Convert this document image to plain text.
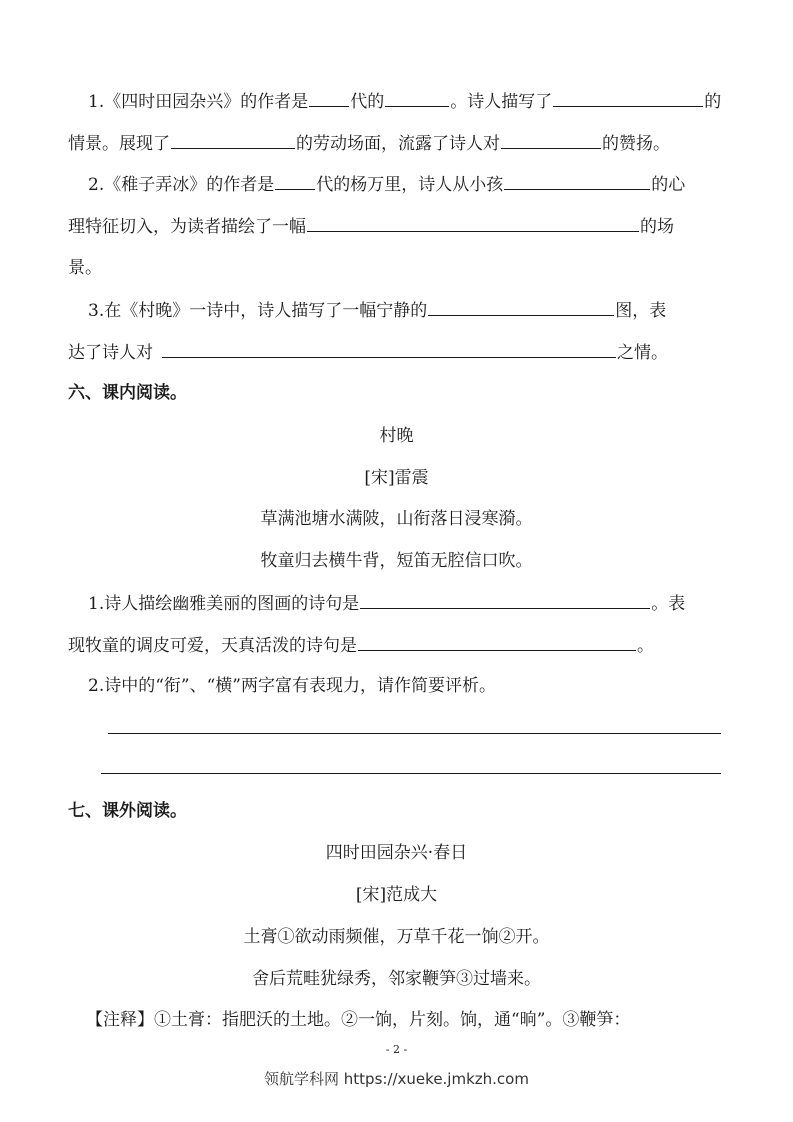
1.《四时田园杂兴》的作者是 代的	。诗人描写了	的
情景。展现了	的劳动场面，流露了诗人对	的赞扬。
2.《稚子弄冰》的作者是 代的杨万里，诗人从小孩	的心
理特征切入，为读者描绘了一幅	的场
景。
3.在《村晚》一诗中，诗人描写了一幅宁静的	图，表
达了诗人对	之情。
六、课内阅读。
村晚
[宋]雷震
草满池塘水满陂，山衔落日浸寒漪。
牧童归去横牛背，短笛无腔信口吹。
1.诗人描绘幽雅美丽的图画的诗句是	。表
现牧童的调皮可爱，天真活泼的诗句是	。
2.诗中的“衔”、“横”两字富有表现力，请作简要评析。
七、课外阅读。
四时田园杂兴·春日
[宋]范成大
土膏①欲动雨频催，万草千花一饷②开。
舍后荒畦犹绿秀，邻家鞭笋③过墙来。
【注释】①土膏：指肥沃的土地。②一饷，片刻。饷，通“晌”。③鞭笋：
- 2 -
领航学科网 https://xueke.jmkzh.com
